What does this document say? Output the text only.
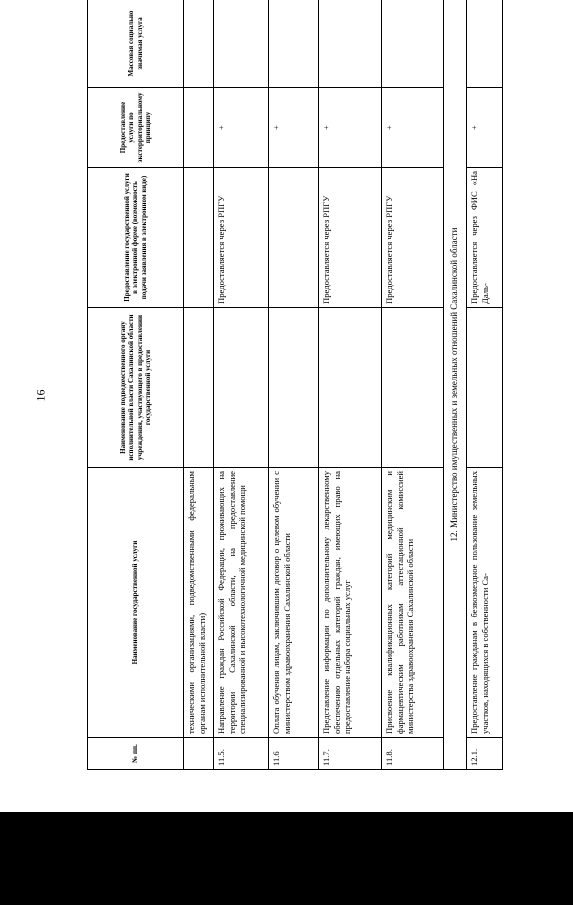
16
№ пп.	Наименование государственной услуги	Наименование подведомственного органу исполнительной власти Сахалинской области учреждения, участвующего в предоставлении государственной услуги	Предоставление государственной услуги в электронной форме (возможность подачи заявления в электронном виде)	Предоставление услуги по экстерриториальному принципу	Массовая социально значимая услуга
	техническими организациями, подведомственными федеральным органам исполнительной власти)				
11.5.	Направление граждан Российской Федерации, проживающих на территории Сахалинской области, на предоставление специализированной и высокотехнологичной медицинской помощи		Предоставляется через РПГУ	+	
11.6	Оплата обучения лицам, заключившим договор о целевом обучении с министерством здравоохранения Сахалинской области			+	
11.7.	Представление информации по дополнительному лекарственному обеспечению отдельных категорий граждан, имеющих право на предоставление набора социальных услуг		Предоставляется через РПГУ	+	
11.8.	Присвоение квалификационных категорий медицинским и фармацевтическим работникам аттестационной комиссией министерства здравоохранения Сахалинской области		Предоставляется через РПГУ	+	
12. Министерство имущественных и земельных отношений Сахалинской области					
12.1.	Предоставление гражданам в безвозмездное пользование земельных участков, находящихся в собственности Са-		Предоставляется через ФИС «На Даль-	+	
